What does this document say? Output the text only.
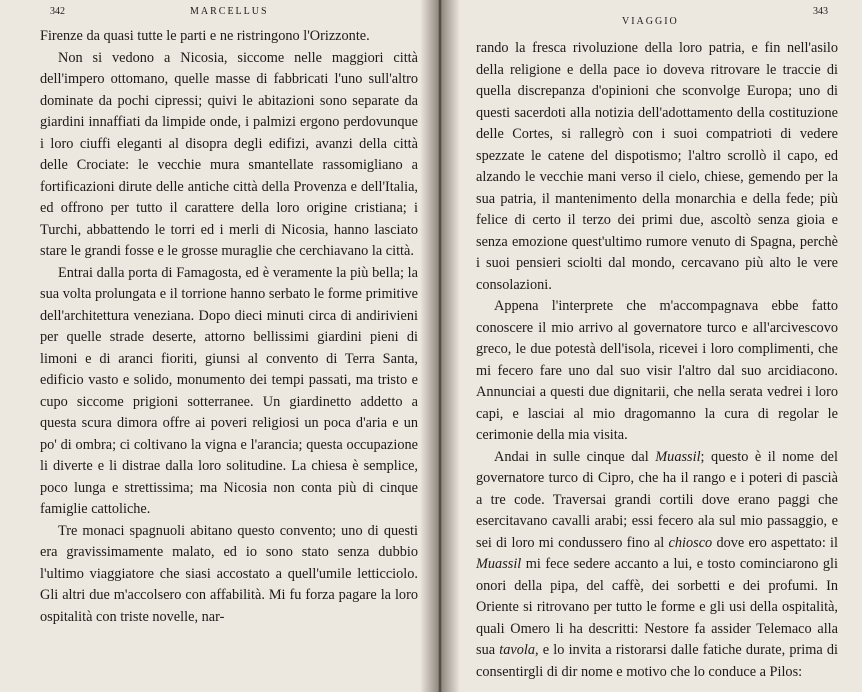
342	MARCELLUS

Firenze da quasi tutte le parti e ne ristringono l'Orizzonte.

Non si vedono a Nicosia, siccome nelle maggiori città dell'impero ottomano, quelle masse di fabbricati l'uno sull'altro dominate da pochi cipressi; quivi le abitazioni sono separate da giardini innaffiati da limpide onde, i palmizi ergono perdovunque i loro ciuffi eleganti al disopra degli edifizi, avanzi della città delle Crociate: le vecchie mura smantellate rassomigliano a fortificazioni dirute delle antiche città della Provenza e dell'Italia, ed offrono per tutto il carattere della loro origine cristiana; i Turchi, abbattendo le torri ed i merli di Nicosia, hanno lasciato stare le grandi fosse e le grosse muraglie che cerchiavano la città.

Entrai dalla porta di Famagosta, ed è veramente la più bella; la sua volta prolungata e il torrione hanno serbato le forme primitive dell'architettura veneziana. Dopo dieci minuti circa di andirivieni per quelle strade deserte, attorno bellissimi giardini pieni di limoni e di aranci fioriti, giunsi al convento di Terra Santa, edificio vasto e solido, monumento dei tempi passati, ma tristo e cupo siccome prigioni sotterranee. Un giardinetto addetto a questa scura dimora offre ai poveri religiosi un poca d'aria e un po' di ombra; ci coltivano la vigna e l'arancia; questa occupazione li diverte e li distrae dalla loro solitudine. La chiesa è semplice, poco lunga e strettissima; ma Nicosia non conta più di cinque famiglie cattoliche.

Tre monaci spagnuoli abitano questo convento; uno di questi era gravissimamente malato, ed io sono stato senza dubbio l'ultimo viaggiatore che siasi accostato a quell'umile letticciolo. Gli altri due m'accolsero con affabilità. Mi fu forza pagare la loro ospitalità con triste novelle, nar-

VIAGGIO
343

rando la fresca rivoluzione della loro patria, e fin nell'asilo della religione e della pace io doveva ritrovare le traccie di quella discrepanza d'opinioni che sconvolge Europa; uno di questi sacerdoti alla notizia dell'adottamento della costituzione delle Cortes, si rallegrò con i suoi compatrioti di vedere spezzate le catene del dispotismo; l'altro scrollò il capo, ed alzando le vecchie mani verso il cielo, chiese, gemendo per la sua patria, il mantenimento della monarchia e della fede; più felice di certo il terzo dei primi due, ascoltò senza gioia e senza emozione quest'ultimo rumore venuto di Spagna, perchè i suoi pensieri sciolti dal mondo, cercavano più alto le vere consolazioni.

Appena l'interprete che m'accompagnava ebbe fatto conoscere il mio arrivo al governatore turco e all'arcivescovo greco, le due potestà dell'isola, ricevei i loro complimenti, che mi fecero fare uno dal suo visir l'altro dal suo arcidiacono. Annunciai a questi due dignitarii, che nella serata vedrei i loro capi, e lasciai al mio dragomanno la cura di regolar le cerimonie della mia visita.

Andai in sulle cinque dal Muassil; questo è il nome del governatore turco di Cipro, che ha il rango e i poteri di pascià a tre code. Traversai grandi cortili dove erano paggi che esercitavano cavalli arabi; essi fecero ala sul mio passaggio, e sei di loro mi condussero fino al chiosco dove ero aspettato: il Muassil mi fece sedere accanto a lui, e tosto cominciarono gli onori della pipa, del caffè, dei sorbetti e dei profumi. In Oriente si ritrovano per tutto le forme e gli usi della ospitalità, quali Omero li ha descritti: Nestore fa assider Telemaco alla sua tavola, e lo invita a ristorarsi dalle fatiche durate, prima di consentirgli di dir nome e motivo che lo conduce a Pilos:
